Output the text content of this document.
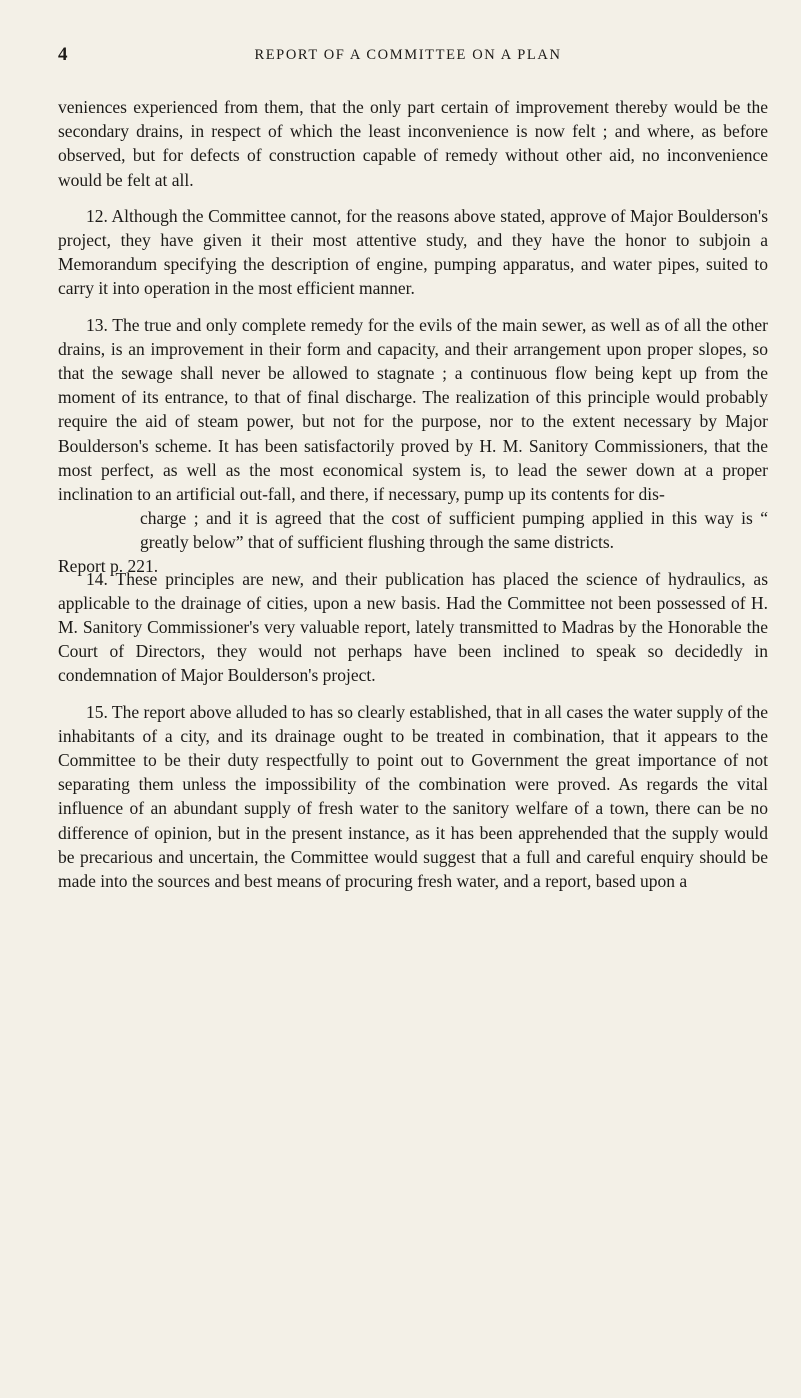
4	REPORT OF A COMMITTEE ON A PLAN

veniences experienced from them, that the only part certain of improvement thereby would be the secondary drains, in respect of which the least inconvenience is now felt ; and where, as before observed, but for defects of construction capable of remedy without other aid, no inconvenience would be felt at all.

12. Although the Committee cannot, for the reasons above stated, approve of Major Boulderson's project, they have given it their most attentive study, and they have the honor to subjoin a Memorandum specifying the description of engine, pumping apparatus, and water pipes, suited to carry it into operation in the most efficient manner.

13. The true and only complete remedy for the evils of the main sewer, as well as of all the other drains, is an improvement in their form and capacity, and their arrangement upon proper slopes, so that the sewage shall never be allowed to stagnate ; a continuous flow being kept up from the moment of its entrance, to that of final discharge. The realization of this principle would probably require the aid of steam power, but not for the purpose, nor to the extent necessary by Major Boulderson's scheme. It has been satisfactorily proved by H. M. Sanitory Commissioners, that the most perfect, as well as the most economical system is, to lead the sewer down at a proper inclination to an artificial out-fall, and there, if necessary, pump up its contents for dis-

Report p. 221.
charge ; and it is agreed that the cost of sufficient pumping applied in this way is “ greatly below” that of sufficient flushing through the same districts.

14. These principles are new, and their publication has placed the science of hydraulics, as applicable to the drainage of cities, upon a new basis. Had the Committee not been possessed of H. M. Sanitory Commissioner's very valuable report, lately transmitted to Madras by the Honorable the Court of Directors, they would not perhaps have been inclined to speak so decidedly in condemnation of Major Boulderson's project.

15. The report above alluded to has so clearly established, that in all cases the water supply of the inhabitants of a city, and its drainage ought to be treated in combination, that it appears to the Committee to be their duty respectfully to point out to Government the great importance of not separating them unless the impossibility of the combination were proved. As regards the vital influence of an abundant supply of fresh water to the sanitory welfare of a town, there can be no difference of opinion, but in the present instance, as it has been apprehended that the supply would be precarious and uncertain, the Committee would suggest that a full and careful enquiry should be made into the sources and best means of procuring fresh water, and a report, based upon a
